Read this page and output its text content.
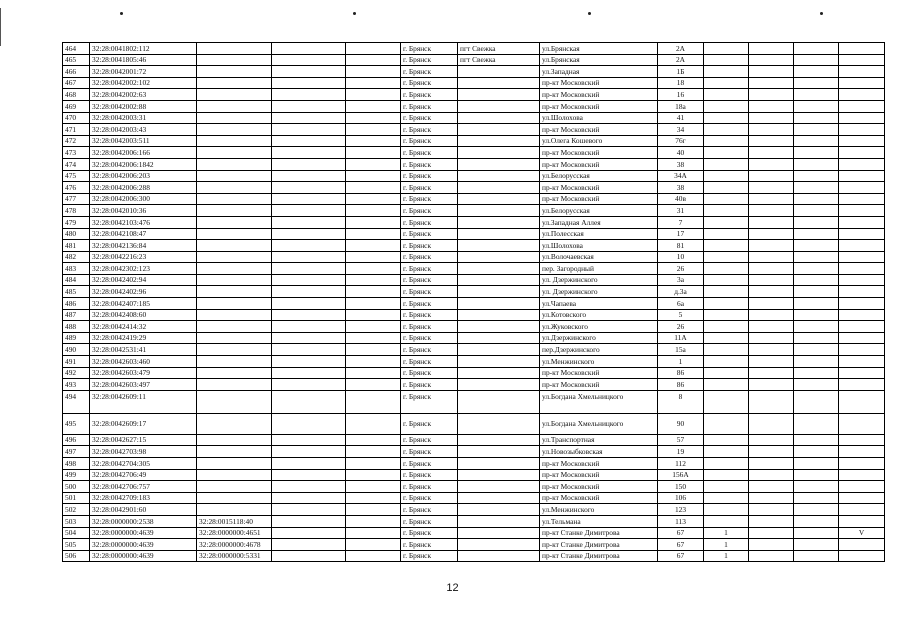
464	32:28:0041802:112				г. Брянск	пгт Свежка	ул.Брянская	2А				
465	32:28:0041805:46				г. Брянск	пгт Свежка	ул.Брянская	2А				
466	32:28:0042001:72				г. Брянск		ул.Западная	1Б				
467	32:28:0042002:102				г. Брянск		пр-кт Московский	18				
468	32:28:0042002:63				г. Брянск		пр-кт Московский	16				
469	32:28:0042002:88				г. Брянск		пр-кт Московский	18а				
470	32:28:0042003:31				г. Брянск		ул.Шолохова	41				
471	32:28:0042003:43				г. Брянск		пр-кт Московский	34				
472	32:28:0042003:511				г. Брянск		ул.Олега Кошевого	76г				
473	32:28:0042006:166				г. Брянск		пр-кт Московский	40				
474	32:28:0042006:1842				г. Брянск		пр-кт Московский	38				
475	32:28:0042006:203				г. Брянск		ул.Белорусская	34А				
476	32:28:0042006:288				г. Брянск		пр-кт Московский	38				
477	32:28:0042006:300				г. Брянск		пр-кт Московский	40в				
478	32:28:0042010:36				г. Брянск		ул.Белорусская	31				
479	32:28:0042103:476				г. Брянск		ул.Западная Аллея	7				
480	32:28:0042108:47				г. Брянск		ул.Полесская	17				
481	32:28:0042136:84				г. Брянск		ул.Шолохова	81				
482	32:28:0042216:23				г. Брянск		ул.Волочаевская	10				
483	32:28:0042302:123				г. Брянск		пер. Загородный	26				
484	32:28:0042402:94				г. Брянск		ул. Дзержинского	3а				
485	32:28:0042402:96				г. Брянск		ул. Дзержинского	д.3а				
486	32:28:0042407:185				г. Брянск		ул.Чапаева	6а				
487	32:28:0042408:60				г. Брянск		ул.Котовского	5				
488	32:28:0042414:32				г. Брянск		ул.Жуковского	26				
489	32:28:0042419:29				г. Брянск		ул.Дзержинского	11А				
490	32:28:0042531:41				г. Брянск		пер.Дзержинского	15а				
491	32:28:0042603:460				г. Брянск		ул.Менжинского	1				
492	32:28:0042603:479				г. Брянск		пр-кт Московский	86				
493	32:28:0042603:497				г. Брянск		пр-кт Московский	86				
494	32:28:0042609:11				г. Брянск		ул.Богдана Хмельницкого	8				
495	32:28:0042609:17				г. Брянск		ул.Богдана Хмельницкого	90				
496	32:28:0042627:15				г. Брянск		ул.Транспортная	57				
497	32:28:0042703:98				г. Брянск		ул.Новозыбковская	19				
498	32:28:0042704:305				г. Брянск		пр-кт Московский	112				
499	32:28:0042706:49				г. Брянск		пр-кт Московский	156А				
500	32:28:0042706:757				г. Брянск		пр-кт Московский	150				
501	32:28:0042709:183				г. Брянск		пр-кт Московский	106				
502	32:28:0042901:60				г. Брянск		ул.Менжинского	123				
503	32:28:0000000:2538	32:28:0015118:40			г. Брянск		ул.Тельмана	113				
504	32:28:0000000:4639	32:28:0000000:4651			г. Брянск		пр-кт Станке Димитрова	67	1			V
505	32:28:0000000:4639	32:28:0000000:4678			г. Брянск		пр-кт Станке Димитрова	67	1			
506	32:28:0000000:4639	32:28:0000000:5331			г. Брянск		пр-кт Станке Димитрова	67	1			
12
